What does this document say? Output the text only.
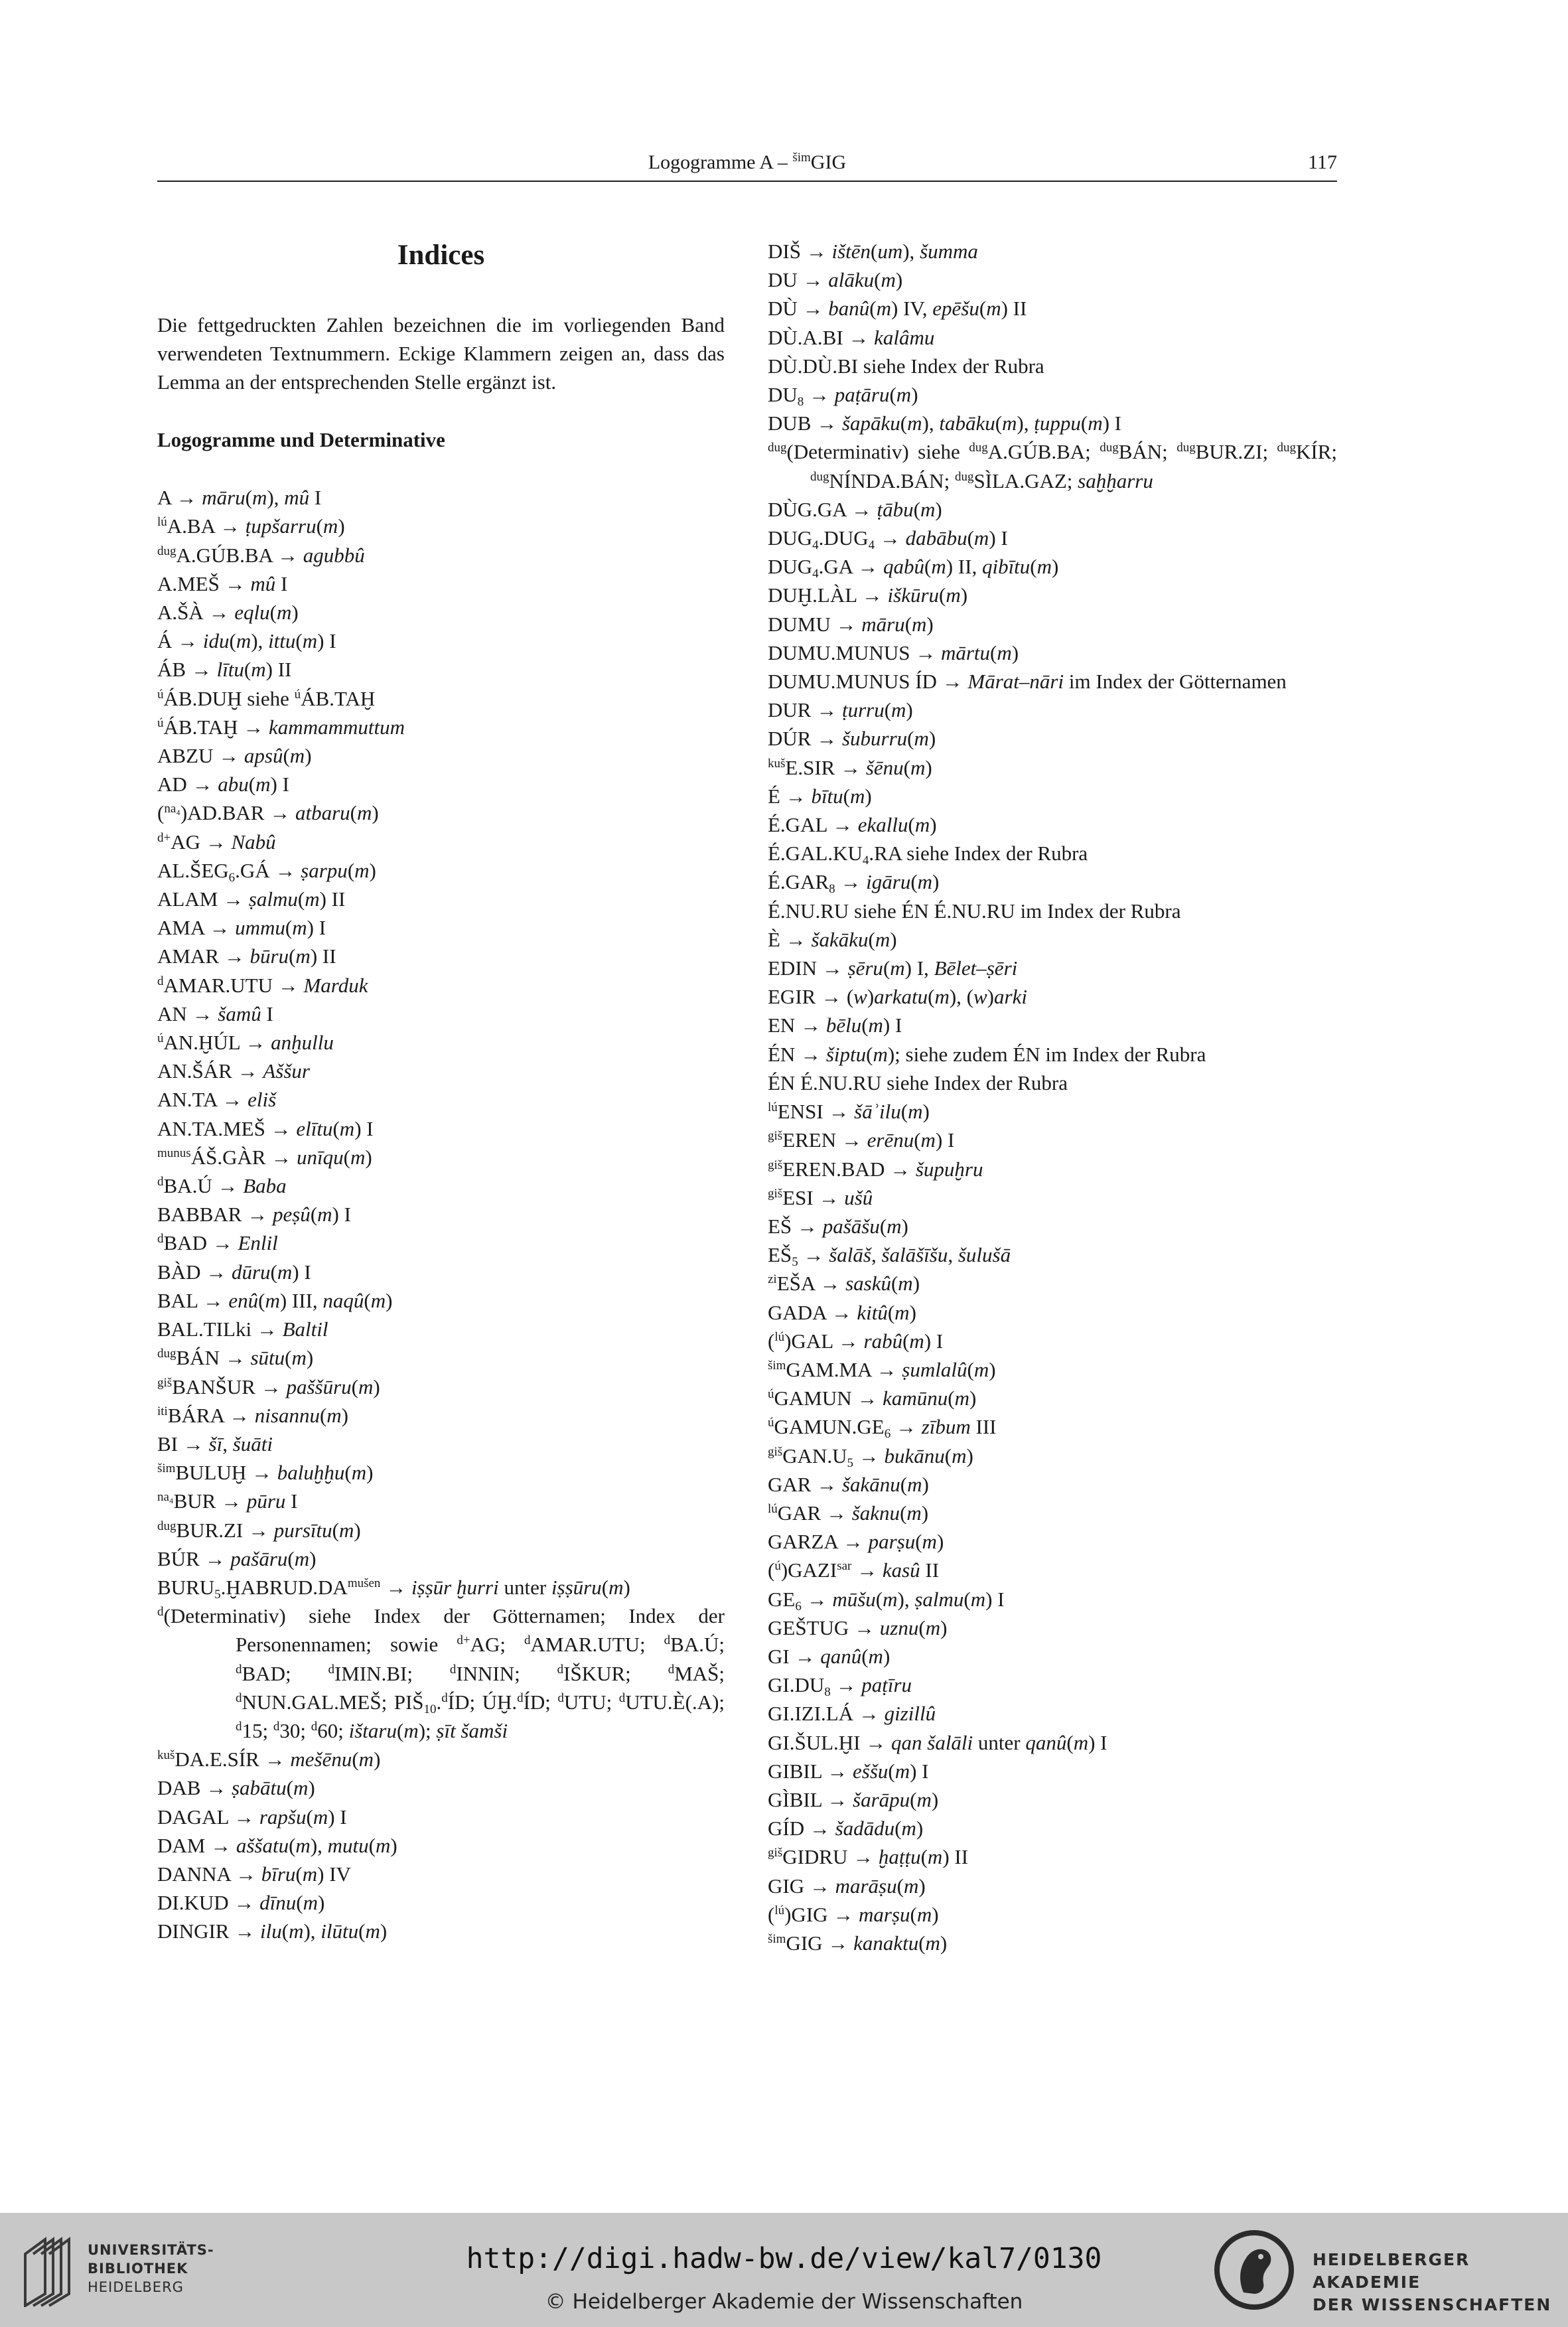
Logogramme A – $^{šim}$GIG	117
Indices
Die fettgedruckten Zahlen bezeichnen die im vorliegenden Band verwendeten Textnummern. Eckige Klammern zeigen an, dass das Lemma an der entsprechenden Stelle ergänzt ist.
Logogramme und Determinative
A → māru(m), mû I
$^{lú}$A.BA → ṭupšarru(m)
$^{dug}$A.GÚB.BA → agubbû
A.MEŠ → mû I
A.ŠÀ → eqlu(m)
Á → idu(m), ittu(m) I
ÁB → lītu(m) II
$^ú$ÁB.DUḪ siehe $^ú$ÁB.TAḪ
$^ú$ÁB.TAḪ → kammammuttum
ABZU → apsû(m)
AD → abu(m) I
($^{na_4}$)AD.BAR → atbaru(m)
$^{d+}$AG → Nabû
AL.ŠEG6.GÁ → ṣarpu(m)
ALAM → ṣalmu(m) II
AMA → ummu(m) I
AMAR → būru(m) II
$^d$AMAR.UTU → Marduk
AN → šamû I
$^ú$AN.ḪÚL → anḫullu
AN.ŠÁR → Aššur
AN.TA → eliš
AN.TA.MEŠ → elītu(m) I
$^{munus}$ÁŠ.GÀR → unīqu(m)
$^d$BA.Ú → Baba
BABBAR → peṣû(m) I
$^d$BAD → Enlil
BÀD → dūru(m) I
BAL → enû(m) III, naqû(m)
BAL.TILki → Baltil
$^{dug}$BÁN → sūtu(m)
$^{giš}$BANŠUR → paššūru(m)
$^{iti}$BÁRA → nisannu(m)
BI → šī, šuāti
$^{šim}$BULUḪ → baluḫḫu(m)
$^{na_4}$BUR → pūru I
$^{dug}$BUR.ZI → pursītu(m)
BÚR → pašāru(m)
$BURU5.ḪABRUD.DA^{mušen}$ → iṣṣūr ḫurri unter iṣṣūru(m)
$^d$(Determinativ) siehe Index der Götternamen; Index der Personennamen; sowie $^{d+}$AG; $^d$AMAR.UTU; $^d$BA.Ú; $^d$BAD; $^d$IMIN.BI; $^d$INNIN; $^d$IŠKUR; $^d$MAŠ; $^d$NUN.GAL.MEŠ; PIŠ10.$^d$ÍD; ÚḪ.$^d$ÍD; $^d$UTU; $^d$UTU.È(.A); $^d$15; $^d$30; $^d$60; ištaru(m); ṣīt šamši
$^{kuš}$DA.E.SÍR → mešēnu(m)
DAB → ṣabātu(m)
DAGAL → rapšu(m) I
DAM → aššatu(m), mutu(m)
DANNA → bīru(m) IV
DI.KUD → dīnu(m)
DINGIR → ilu(m), ilūtu(m)
DIŠ → ištēn(um), šumma
DU → alāku(m)
DÙ → banû(m) IV, epēšu(m) II
DÙ.A.BI → kalâmu
DÙ.DÙ.BI siehe Index der Rubra
DU8 → paṭāru(m)
DUB → šapāku(m), tabāku(m), ṭuppu(m) I
$^{dug}$(Determinativ) siehe $^{dug}$A.GÚB.BA; $^{dug}$BÁN; $^{dug}$BUR.ZI; $^{dug}$KÍR; $^{dug}$NÍNDA.BÁN; $^{dug}$SÌLA.GAZ; saḫḫarru
DÙG.GA → ṭābu(m)
DUG4.DUG4 → dabābu(m) I
DUG4.GA → qabû(m) II, qibītu(m)
DUḪ.LÀL → iškūru(m)
DUMU → māru(m)
DUMU.MUNUS → mārtu(m)
DUMU.MUNUS ÍD → Mārat–nāri im Index der Götternamen
DUR → ṭurru(m)
DÚR → šuburru(m)
$^{kuš}$E.SIR → šēnu(m)
É → bītu(m)
É.GAL → ekallu(m)
É.GAL.KU4.RA siehe Index der Rubra
É.GAR8 → igāru(m)
É.NU.RU siehe ÉN É.NU.RU im Index der Rubra
È → šakāku(m)
EDIN → ṣēru(m) I, Bēlet–ṣēri
EGIR → (w)arkatu(m), (w)arki
EN → bēlu(m) I
ÉN → šiptu(m); siehe zudem ÉN im Index der Rubra
ÉN É.NU.RU siehe Index der Rubra
$^{lú}$ENSI → šāʾilu(m)
$^{giš}$EREN → erēnu(m) I
$^{giš}$EREN.BAD → šupuḫru
$^{giš}$ESI → ušû
EŠ → pašāšu(m)
EŠ5 → šalāš, šalāšīšu, šulušā
$^{zi}$EŠA → saskû(m)
GADA → kitû(m)
($^{lú}$)GAL → rabû(m) I
$^{šim}$GAM.MA → ṣumlalû(m)
$^ú$GAMUN → kamūnu(m)
$^ú$GAMUN.GE6 → zībum III
$^{giš}$GAN.U5 → bukānu(m)
GAR → šakānu(m)
$^{lú}$GAR → šaknu(m)
GARZA → parṣu(m)
$(^ú)GAZI^{sar}$ → kasû II
GE6 → mūšu(m), ṣalmu(m) I
GEŠTUG → uznu(m)
GI → qanû(m)
GI.DU8 → paṭīru
GI.IZI.LÁ → gizillû
GI.ŠUL.ḪI → qan šalāli unter qanû(m) I
GIBIL → eššu(m) I
GÌBIL → šarāpu(m)
GÍD → šadādu(m)
$^{giš}$GIDRU → ḫaṭṭu(m) II
GIG → marāṣu(m)
($^{lú}$)GIG → marṣu(m)
$^{šim}$GIG → kanaktu(m)
UNIVERSITÄTS-
BIBLIOTHEK
HEIDELBERG
http://digi.hadw-bw.de/view/kal7/0130
© Heidelberger Akademie der Wissenschaften
HEIDELBERGER AKADEMIE
DER WISSENSCHAFTEN
